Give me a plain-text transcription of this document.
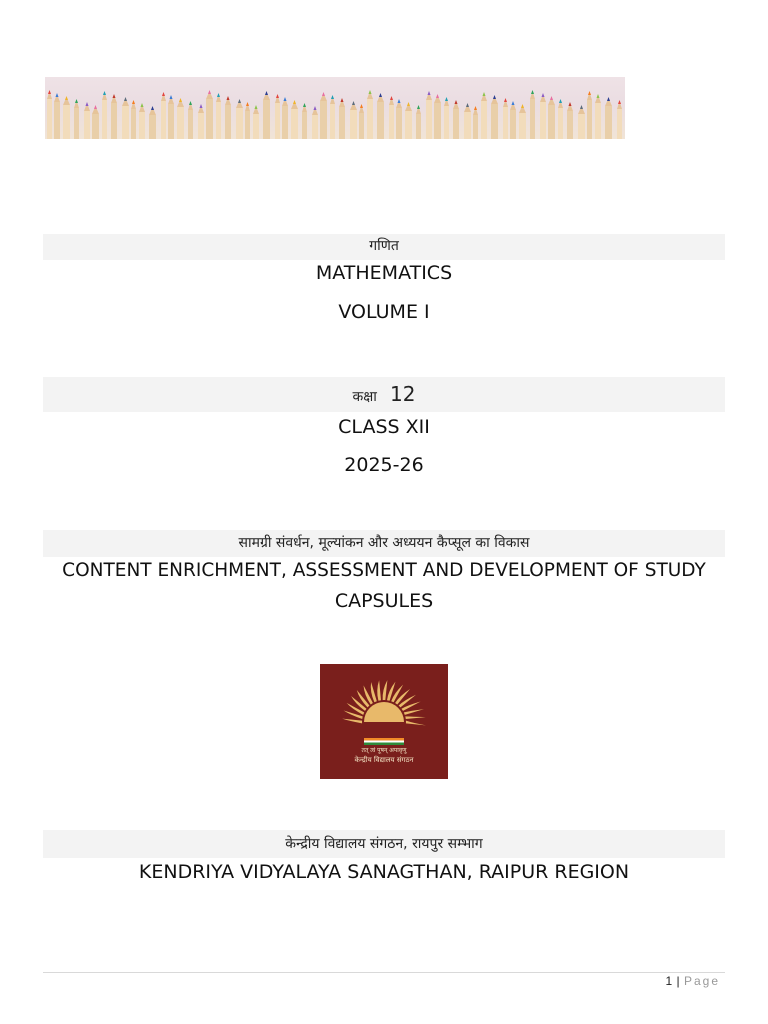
गणित
MATHEMATICS
VOLUME I
कक्षा 12
CLASS XII
2025-26
सामग्री संवर्धन, मूल्यांकन और अध्ययन कैप्सूल का विकास
CONTENT ENRICHMENT, ASSESSMENT AND DEVELOPMENT OF STUDY
CAPSULES
तत् त्वं पूषन् अपावृणु
केन्द्रीय विद्यालय संगठन
केन्द्रीय विद्यालय संगठन, रायपुर सम्भाग
KENDRIYA VIDYALAYA SANAGTHAN, RAIPUR REGION
1 | Page
